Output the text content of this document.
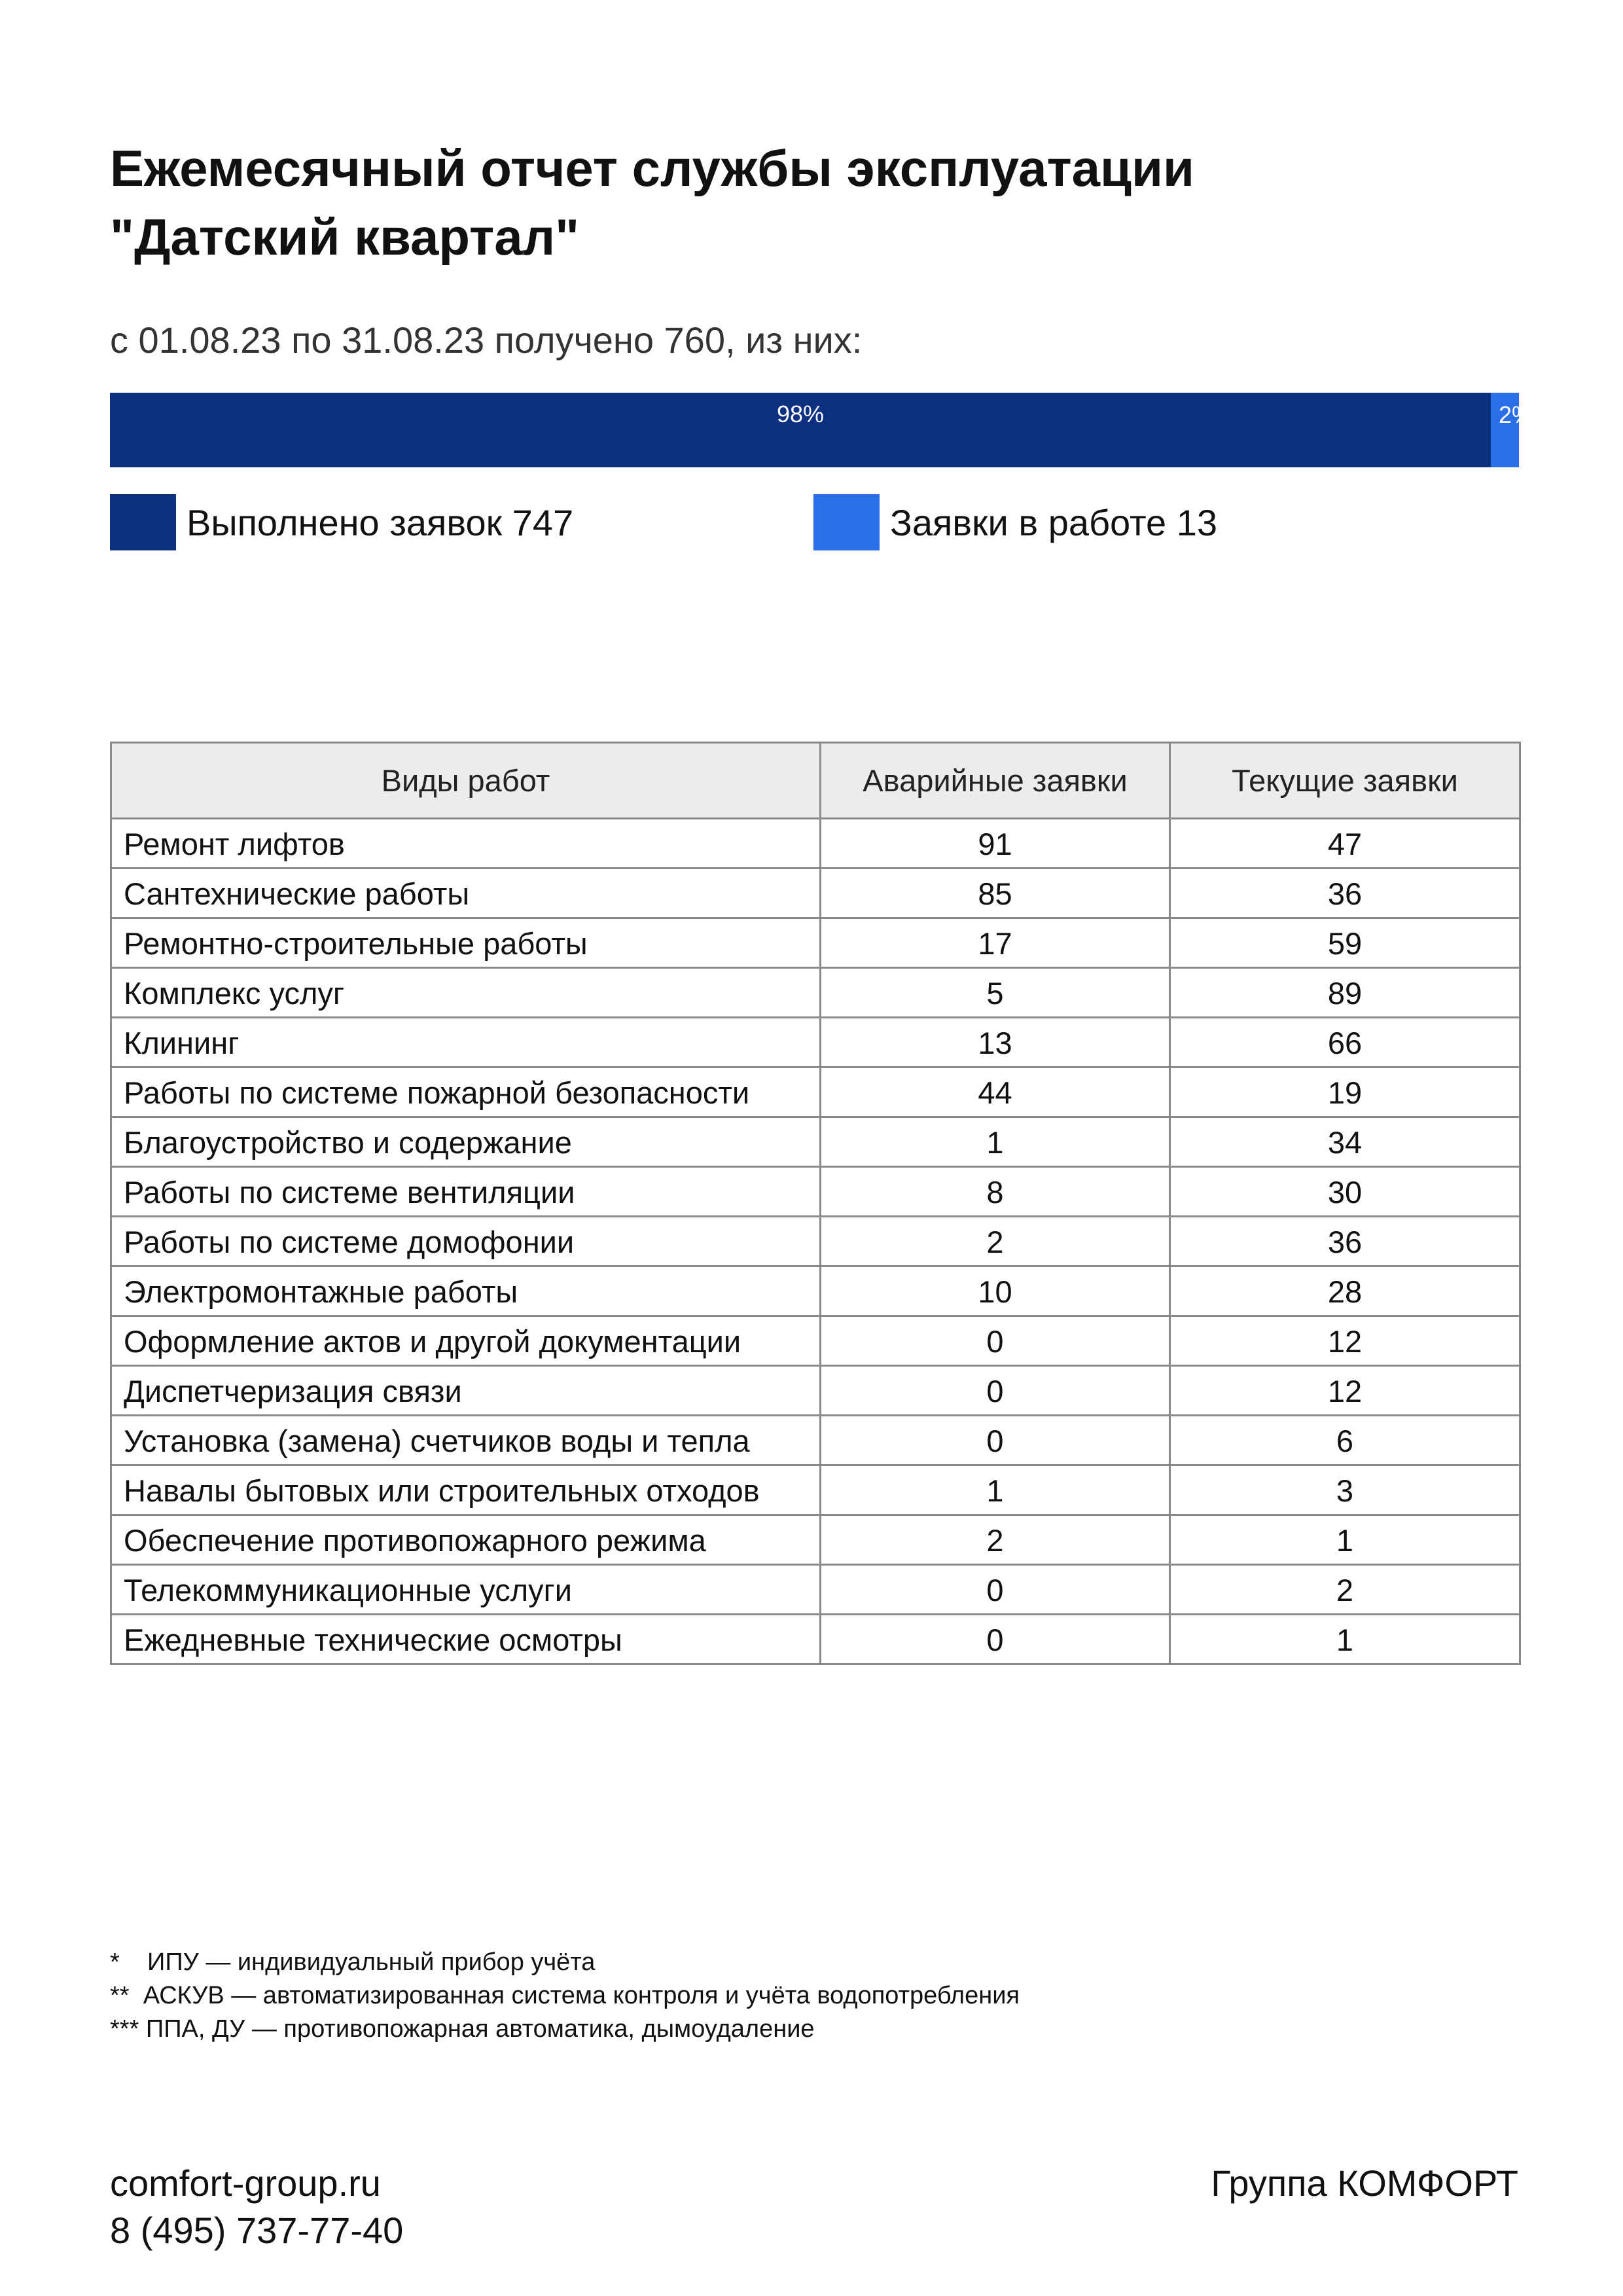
Ежемесячный отчет службы эксплуатации
"Датский квартал"
с 01.08.23 по 31.08.23 получено 760, из них:
98%	2%
Выполнено заявок 747	Заявки в работе 13
Виды работ	Аварийные заявки	Текущие заявки
Ремонт лифтов	91	47
Сантехнические работы	85	36
Ремонтно-строительные работы	17	59
Комплекс услуг	5	89
Клининг	13	66
Работы по системе пожарной безопасности	44	19
Благоустройство и содержание	1	34
Работы по системе вентиляции	8	30
Работы по системе домофонии	2	36
Электромонтажные работы	10	28
Оформление актов и другой документации	0	12
Диспетчеризация связи	0	12
Установка (замена) счетчиков воды и тепла	0	6
Навалы бытовых или строительных отходов	1	3
Обеспечение противопожарного режима	2	1
Телекоммуникационные услуги	0	2
Ежедневные технические осмотры	0	1
*    ИПУ — индивидуальный прибор учёта
**  АСКУВ — автоматизированная система контроля и учёта водопотребления
*** ППА, ДУ — противопожарная автоматика, дымоудаление
comfort-group.ru
8 (495) 737-77-40
Группа КОМФОРТ
